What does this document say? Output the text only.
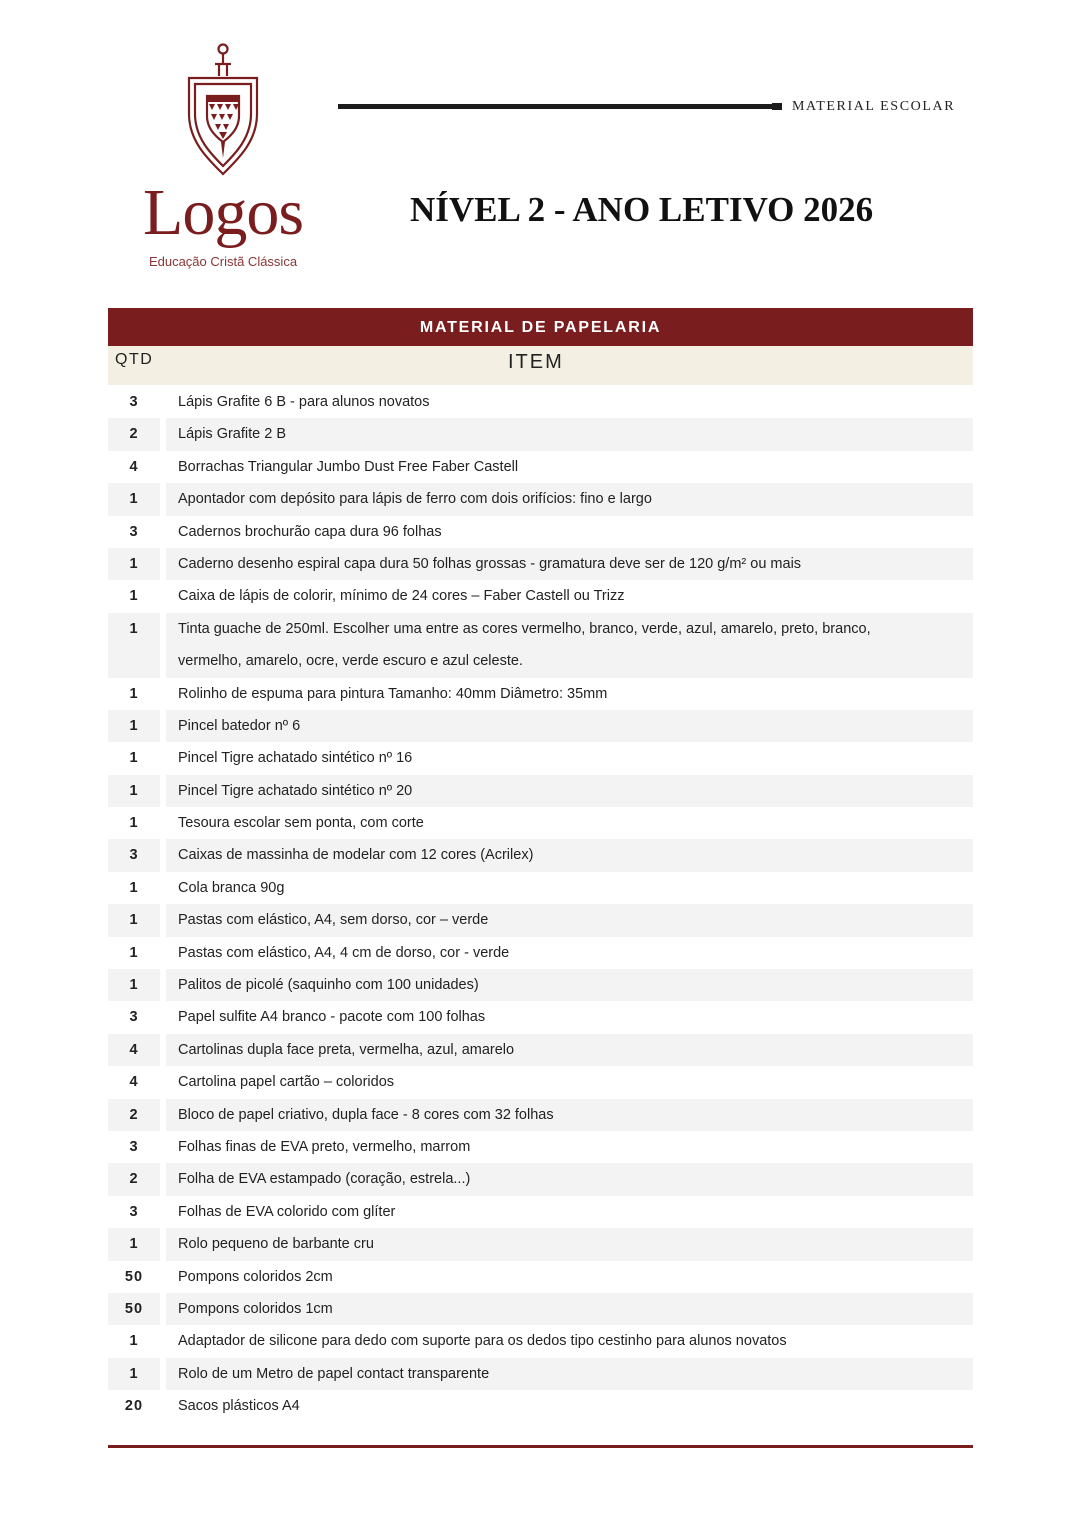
Logos
Educação Cristã Clássica
MATERIAL ESCOLAR
NÍVEL 2 - ANO LETIVO 2026
MATERIAL DE PAPELARIA
QTD	ITEM
3	Lápis Grafite 6 B - para alunos novatos
2	Lápis Grafite 2 B
4	Borrachas Triangular Jumbo Dust Free Faber Castell
1	Apontador com depósito para lápis de ferro com dois orifícios: fino e largo
3	Cadernos brochurão capa dura 96 folhas
1	Caderno desenho espiral capa dura 50 folhas grossas - gramatura deve ser de 120 g/m² ou mais
1	Caixa de lápis de colorir, mínimo de 24 cores – Faber Castell ou Trizz
1	Tinta guache de 250ml. Escolher uma entre as cores vermelho, branco, verde, azul, amarelo, preto, branco, vermelho, amarelo, ocre, verde escuro e azul celeste.
1	Rolinho de espuma para pintura Tamanho: 40mm Diâmetro: 35mm
1	Pincel batedor nº 6
1	Pincel Tigre achatado sintético nº 16
1	Pincel Tigre achatado sintético nº 20
1	Tesoura escolar sem ponta, com corte
3	Caixas de massinha de modelar com 12 cores (Acrilex)
1	Cola branca 90g
1	Pastas com elástico, A4, sem dorso, cor – verde
1	Pastas com elástico, A4, 4 cm de dorso, cor - verde
1	Palitos de picolé (saquinho com 100 unidades)
3	Papel sulfite A4 branco - pacote com 100 folhas
4	Cartolinas dupla face preta, vermelha, azul, amarelo
4	Cartolina papel cartão – coloridos
2	Bloco de papel criativo, dupla face - 8 cores com 32 folhas
3	Folhas finas de EVA preto, vermelho, marrom
2	Folha de EVA estampado (coração, estrela...)
3	Folhas de EVA colorido com glíter
1	Rolo pequeno de barbante cru
50	Pompons coloridos 2cm
50	Pompons coloridos 1cm
1	Adaptador de silicone para dedo com suporte para os dedos tipo cestinho para alunos novatos
1	Rolo de um Metro de papel contact transparente
20	Sacos plásticos A4
